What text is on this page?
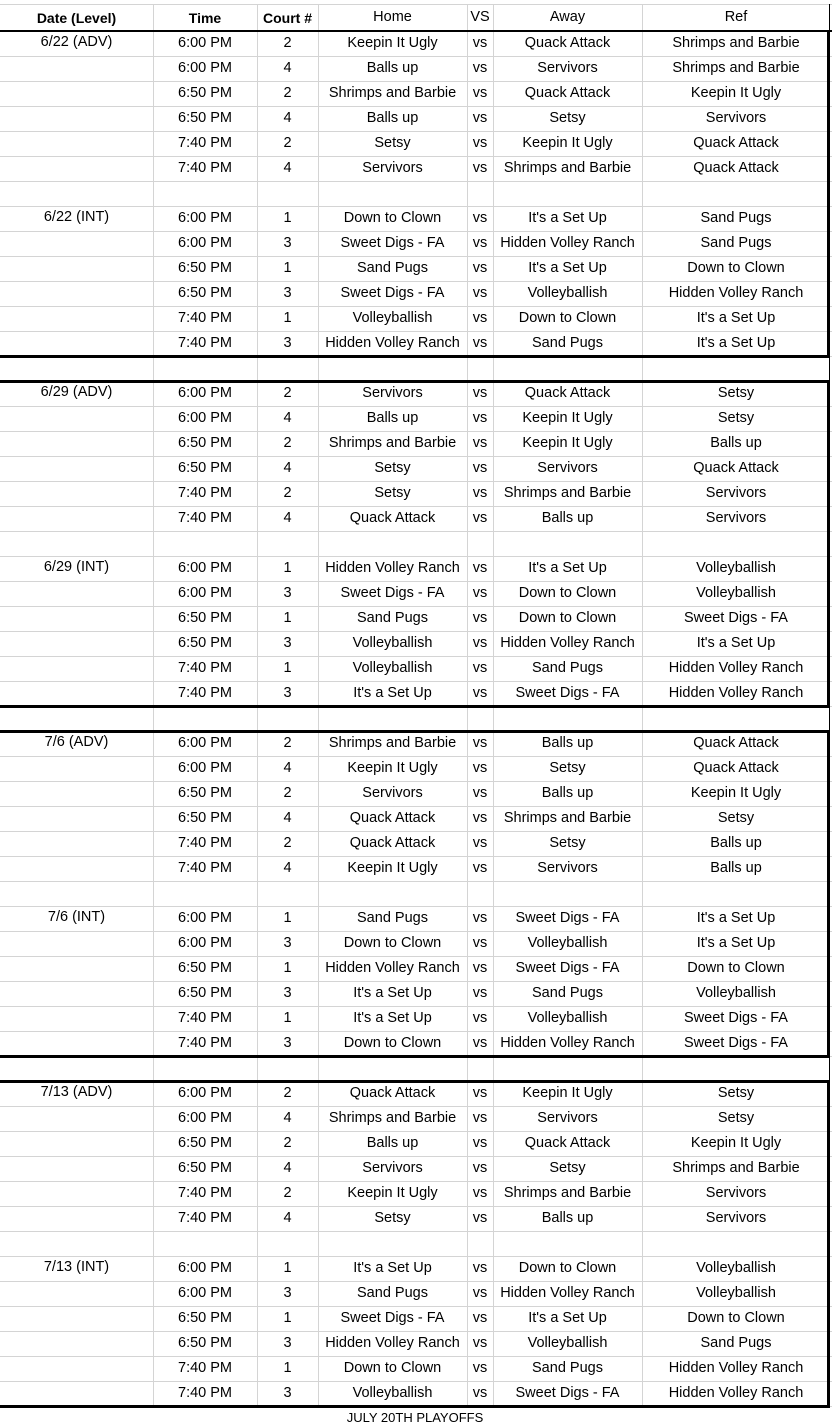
Date (Level)	Time	Court #	Home	VS	Away	Ref
6/22 (ADV)	6:00 PM	2	Keepin It Ugly	vs	Quack Attack	Shrimps and Barbie
6:00 PM	4	Balls up	vs	Servivors	Shrimps and Barbie
6:50 PM	2	Shrimps and Barbie	vs	Quack Attack	Keepin It Ugly
6:50 PM	4	Balls up	vs	Setsy	Servivors
7:40 PM	2	Setsy	vs	Keepin It Ugly	Quack Attack
7:40 PM	4	Servivors	vs	Shrimps and Barbie	Quack Attack
6/22 (INT)	6:00 PM	1	Down to Clown	vs	It's a Set Up	Sand Pugs
6:00 PM	3	Sweet Digs - FA	vs Hidden Volley Ranch	Sand Pugs
6:50 PM	1	Sand Pugs	vs	It's a Set Up	Down to Clown
6:50 PM	3	Sweet Digs - FA	vs	Volleyballish	Hidden Volley Ranch
7:40 PM	1	Volleyballish	vs	Down to Clown	It's a Set Up
7:40 PM	3	Hidden Volley Ranch vs	Sand Pugs	It's a Set Up
6/29 (ADV)	6:00 PM	2	Servivors	vs	Quack Attack	Setsy
6:00 PM	4	Balls up	vs	Keepin It Ugly	Setsy
6:50 PM	2	Shrimps and Barbie	vs	Keepin It Ugly	Balls up
6:50 PM	4	Setsy	vs	Servivors	Quack Attack
7:40 PM	2	Setsy	vs	Shrimps and Barbie	Servivors
7:40 PM	4	Quack Attack	vs	Balls up	Servivors
6/29 (INT)	6:00 PM	1	Hidden Volley Ranch vs	It's a Set Up	Volleyballish
6:00 PM	3	Sweet Digs - FA	vs	Down to Clown	Volleyballish
6:50 PM	1	Sand Pugs	vs	Down to Clown	Sweet Digs - FA
6:50 PM	3	Volleyballish	vs Hidden Volley Ranch	It's a Set Up
7:40 PM	1	Volleyballish	vs	Sand Pugs	Hidden Volley Ranch
7:40 PM	3	It's a Set Up	vs	Sweet Digs - FA	Hidden Volley Ranch
7/6 (ADV)	6:00 PM	2	Shrimps and Barbie	vs	Balls up	Quack Attack
6:00 PM	4	Keepin It Ugly	vs	Setsy	Quack Attack
6:50 PM	2	Servivors	vs	Balls up	Keepin It Ugly
6:50 PM	4	Quack Attack	vs	Shrimps and Barbie	Setsy
7:40 PM	2	Quack Attack	vs	Setsy	Balls up
7:40 PM	4	Keepin It Ugly	vs	Servivors	Balls up
7/6 (INT)	6:00 PM	1	Sand Pugs	vs	Sweet Digs - FA	It's a Set Up
6:00 PM	3	Down to Clown	vs	Volleyballish	It's a Set Up
6:50 PM	1	Hidden Volley Ranch vs	Sweet Digs - FA	Down to Clown
6:50 PM	3	It's a Set Up	vs	Sand Pugs	Volleyballish
7:40 PM	1	It's a Set Up	vs	Volleyballish	Sweet Digs - FA
7:40 PM	3	Down to Clown	vs Hidden Volley Ranch	Sweet Digs - FA
7/13 (ADV)	6:00 PM	2	Quack Attack	vs	Keepin It Ugly	Setsy
6:00 PM	4	Shrimps and Barbie	vs	Servivors	Setsy
6:50 PM	2	Balls up	vs	Quack Attack	Keepin It Ugly
6:50 PM	4	Servivors	vs	Setsy	Shrimps and Barbie
7:40 PM	2	Keepin It Ugly	vs	Shrimps and Barbie	Servivors
7:40 PM	4	Setsy	vs	Balls up	Servivors
7/13 (INT)	6:00 PM	1	It's a Set Up	vs	Down to Clown	Volleyballish
6:00 PM	3	Sand Pugs	vs Hidden Volley Ranch	Volleyballish
6:50 PM	1	Sweet Digs - FA	vs	It's a Set Up	Down to Clown
6:50 PM	3	Hidden Volley Ranch vs	Volleyballish	Sand Pugs
7:40 PM	1	Down to Clown	vs	Sand Pugs	Hidden Volley Ranch
7:40 PM	3	Volleyballish	vs	Sweet Digs - FA	Hidden Volley Ranch
JULY 20TH PLAYOFFS
